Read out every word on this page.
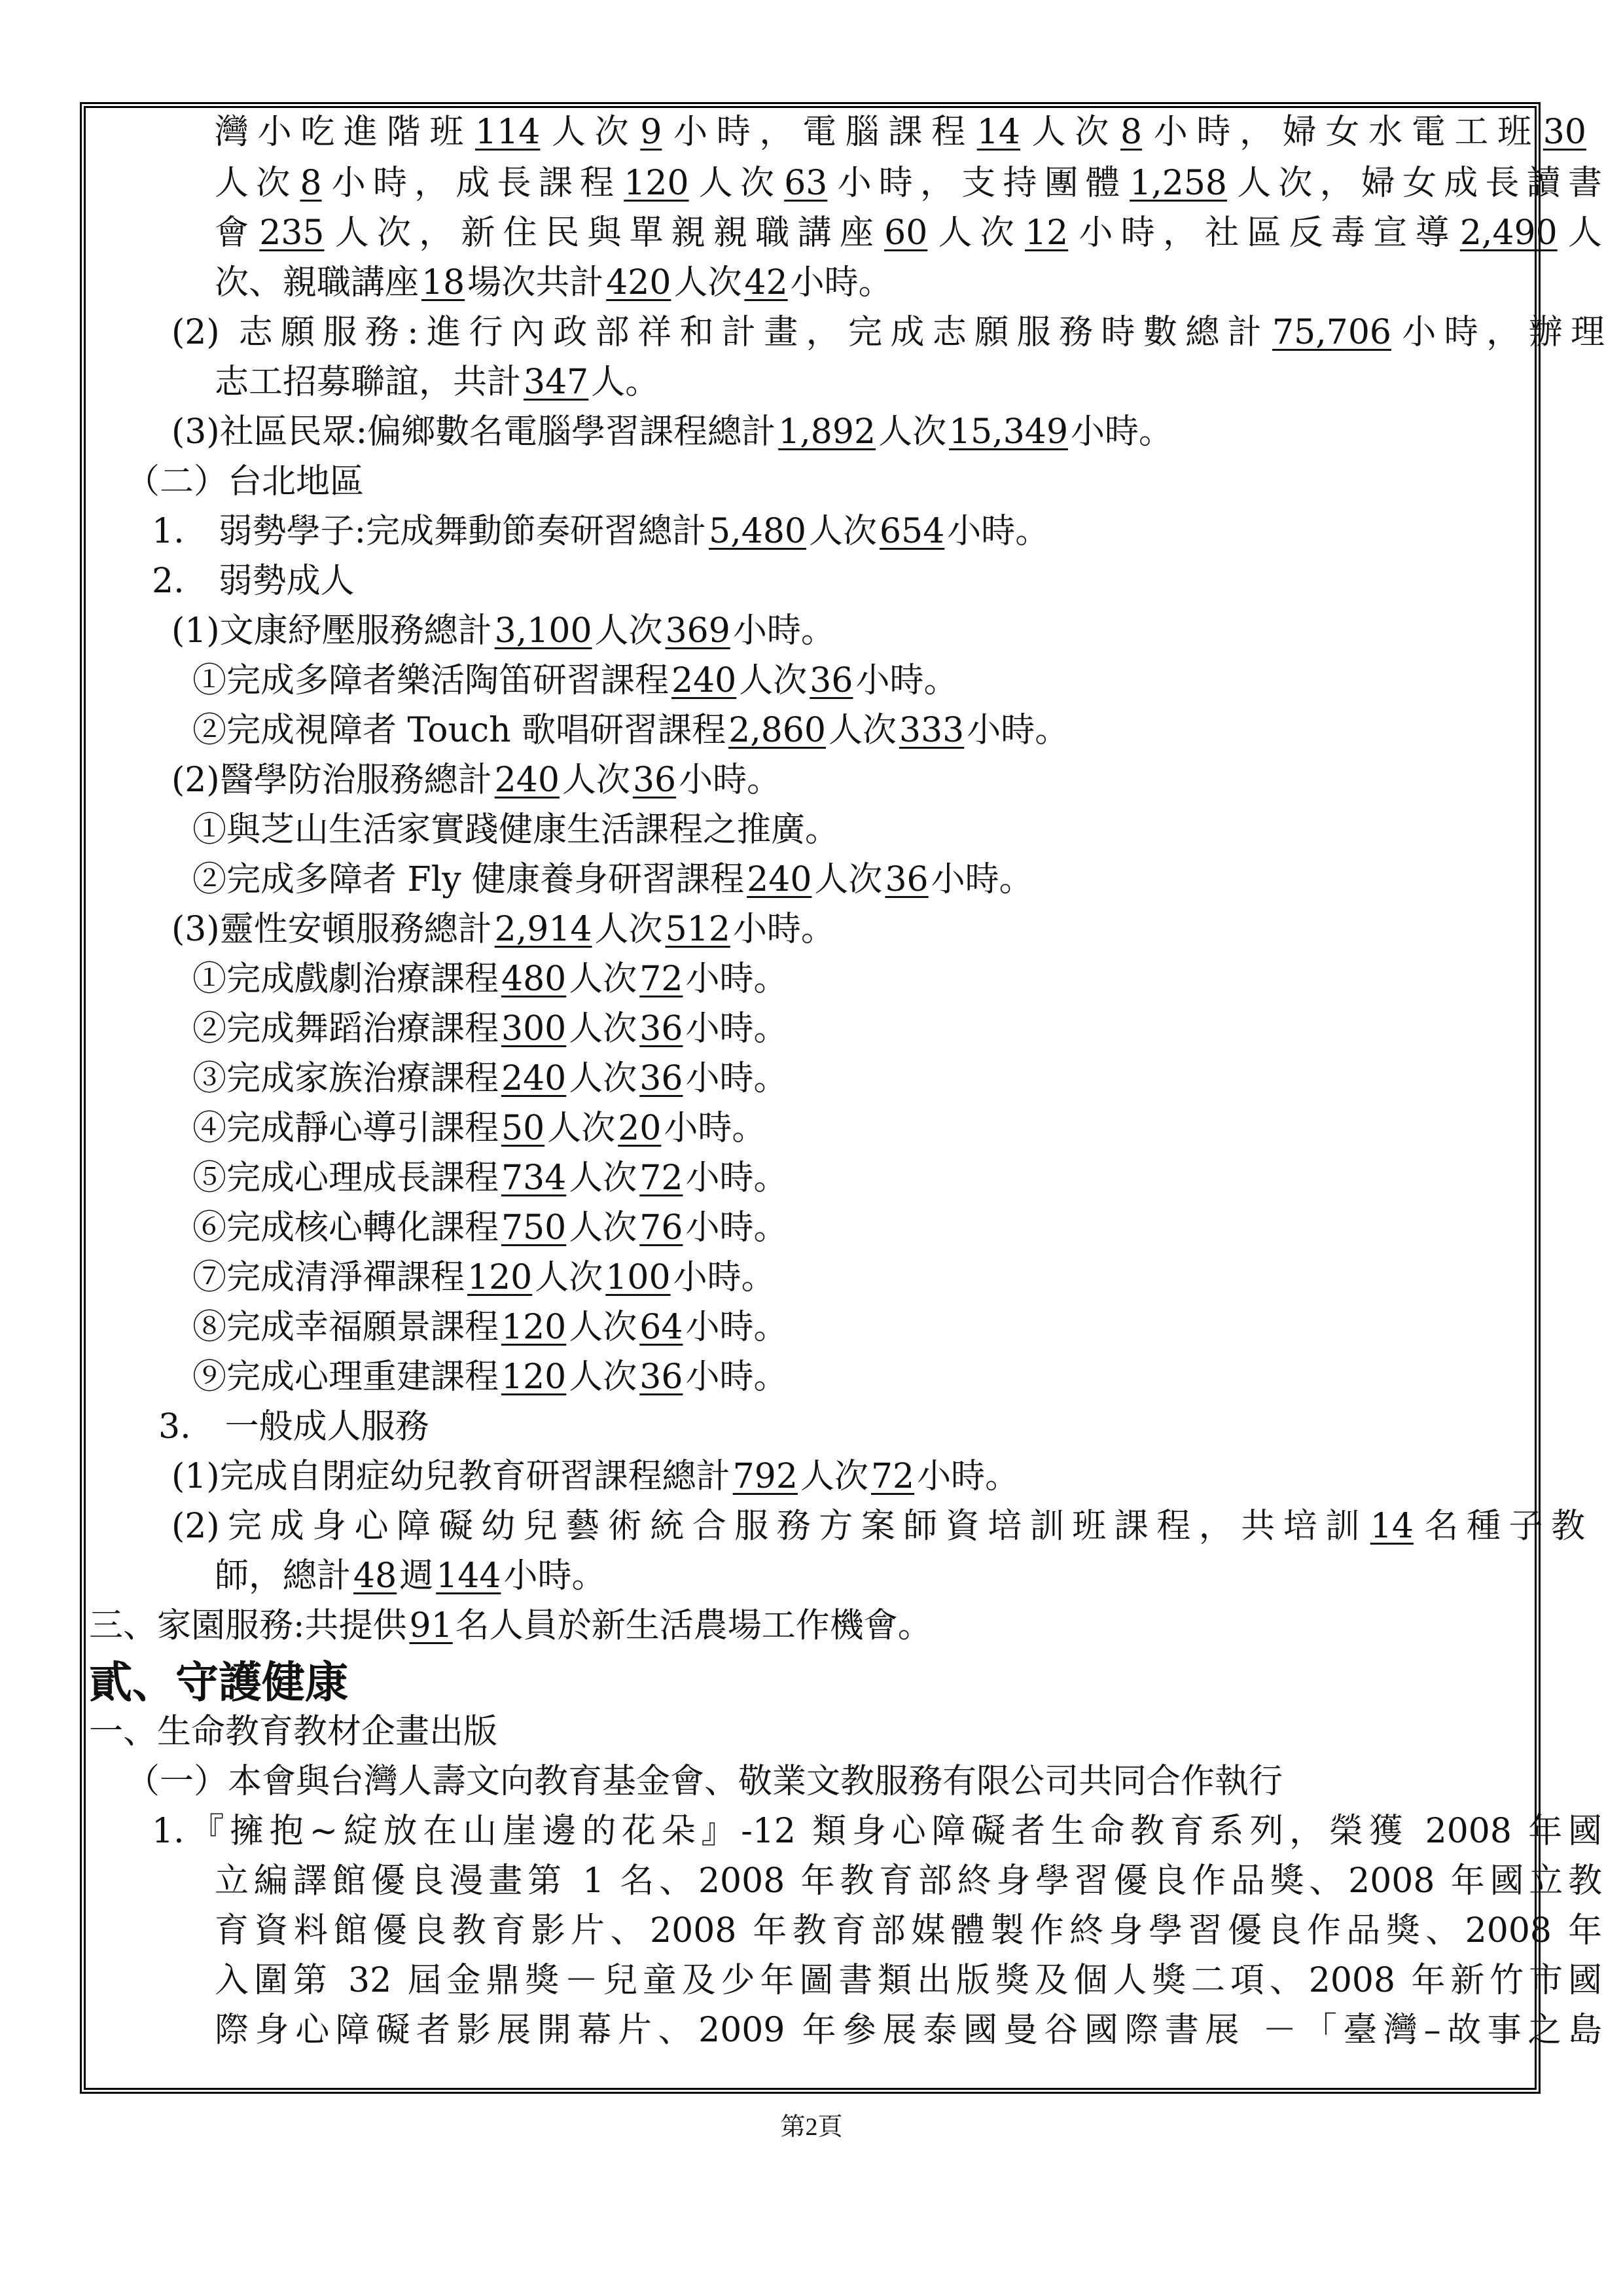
灣小吃進階班114人次9小時，電腦課程14人次8小時，婦女水電工班30
人次8小時，成長課程120人次63小時，支持團體1,258人次，婦女成長讀書
會235人次，新住民與單親親職講座60人次12小時，社區反毒宣導2,490人
次、親職講座18場次共計420人次42小時。
(2) 志願服務:進行內政部祥和計畫，完成志願服務時數總計75,706小時，辦理
志工招募聯誼，共計347人。
(3)社區民眾:偏鄉數名電腦學習課程總計1,892人次15,349小時。
（二）台北地區
1.　弱勢學子:完成舞動節奏研習總計5,480人次654小時。
2.　弱勢成人
(1)文康紓壓服務總計3,100人次369小時。
①完成多障者樂活陶笛研習課程240人次36小時。
②完成視障者 Touch 歌唱研習課程2,860人次333小時。
(2)醫學防治服務總計240人次36小時。
①與芝山生活家實踐健康生活課程之推廣。
②完成多障者 Fly 健康養身研習課程240人次36小時。
(3)靈性安頓服務總計2,914人次512小時。
①完成戲劇治療課程480人次72小時。
②完成舞蹈治療課程300人次36小時。
③完成家族治療課程240人次36小時。
④完成靜心導引課程50人次20小時。
⑤完成心理成長課程734人次72小時。
⑥完成核心轉化課程750人次76小時。
⑦完成清淨禪課程120人次100小時。
⑧完成幸福願景課程120人次64小時。
⑨完成心理重建課程120人次36小時。
3.　一般成人服務
(1)完成自閉症幼兒教育研習課程總計792人次72小時。
(2)完成身心障礙幼兒藝術統合服務方案師資培訓班課程，共培訓14名種子教
師，總計48週144小時。
三、家園服務:共提供91名人員於新生活農場工作機會。
貳、守護健康
一、生命教育教材企畫出版
（一）本會與台灣人壽文向教育基金會、敬業文教服務有限公司共同合作執行
1.『擁抱~綻放在山崖邊的花朵』-12 類身心障礙者生命教育系列，榮獲 2008 年國
立編譯館優良漫畫第 1 名、2008 年教育部終身學習優良作品獎、2008 年國立教
育資料館優良教育影片、2008 年教育部媒體製作終身學習優良作品獎、2008 年
入圍第 32 屆金鼎獎－兒童及少年圖書類出版獎及個人獎二項、2008 年新竹市國
際身心障礙者影展開幕片、2009 年參展泰國曼谷國際書展 －「臺灣–故事之島
第2頁
